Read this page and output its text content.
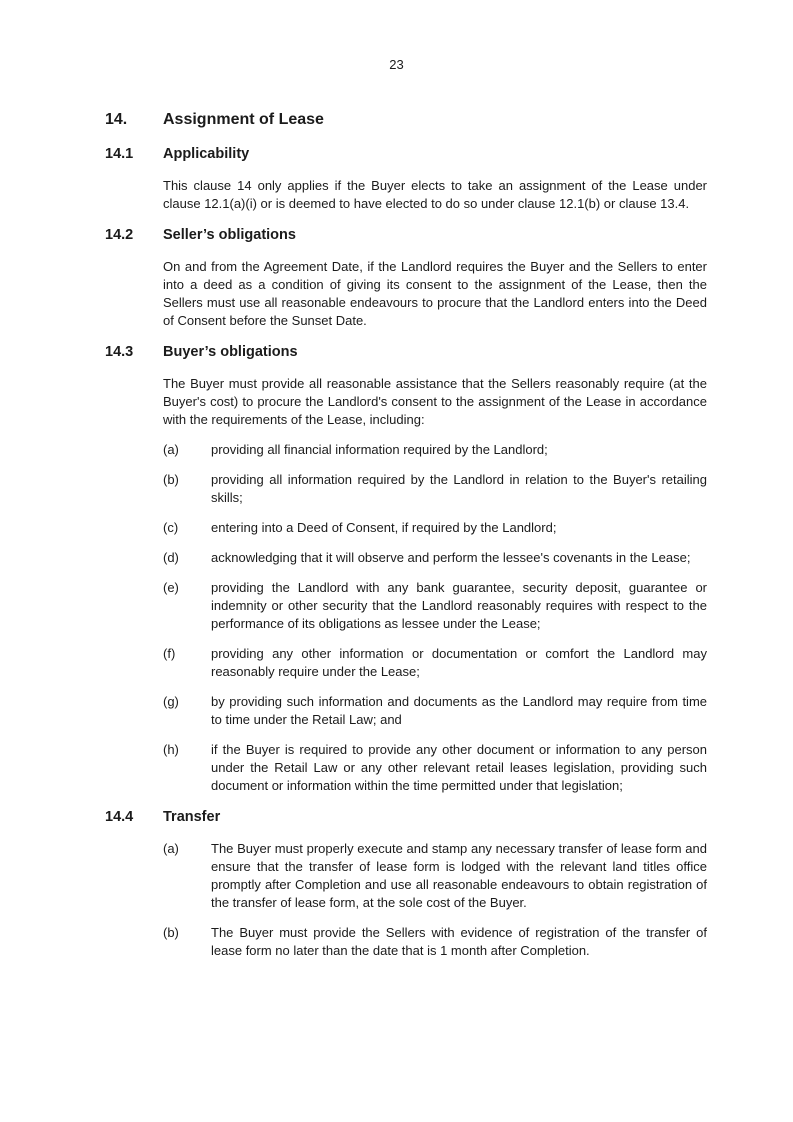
23
14.	Assignment of Lease
14.1	Applicability

This clause 14 only applies if the Buyer elects to take an assignment of the Lease under clause 12.1(a)(i) or is deemed to have elected to do so under clause 12.1(b) or clause 13.4.

14.2	Seller’s obligations

On and from the Agreement Date, if the Landlord requires the Buyer and the Sellers to enter into a deed as a condition of giving its consent to the assignment of the Lease, then the Sellers must use all reasonable endeavours to procure that the Landlord enters into the Deed of Consent before the Sunset Date.

14.3	Buyer’s obligations

The Buyer must provide all reasonable assistance that the Sellers reasonably require (at the Buyer's cost) to procure the Landlord's consent to the assignment of the Lease in accordance with the requirements of the Lease, including:

(a)	providing all financial information required by the Landlord;
(b)	providing all information required by the Landlord in relation to the Buyer's retailing skills;
(c)	entering into a Deed of Consent, if required by the Landlord;
(d)	acknowledging that it will observe and perform the lessee's covenants in the Lease;
(e)	providing the Landlord with any bank guarantee, security deposit, guarantee or indemnity or other security that the Landlord reasonably requires with respect to the performance of its obligations as lessee under the Lease;
(f)	providing any other information or documentation or comfort the Landlord may reasonably require under the Lease;
(g)	by providing such information and documents as the Landlord may require from time to time under the Retail Law; and
(h)	if the Buyer is required to provide any other document or information to any person under the Retail Law or any other relevant retail leases legislation, providing such document or information within the time permitted under that legislation;
14.4	Transfer
(a)	The Buyer must properly execute and stamp any necessary transfer of lease form and ensure that the transfer of lease form is lodged with the relevant land titles office promptly after Completion and use all reasonable endeavours to obtain registration of the transfer of lease form, at the sole cost of the Buyer.
(b)	The Buyer must provide the Sellers with evidence of registration of the transfer of lease form no later than the date that is 1 month after Completion.
